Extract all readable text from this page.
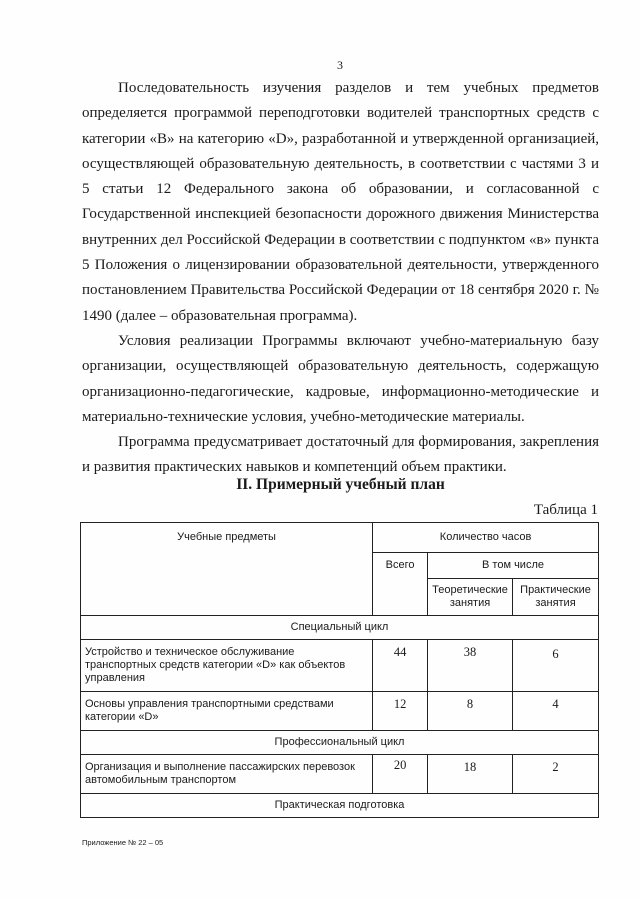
3

Последовательность изучения разделов и тем учебных предметов определяется программой переподготовки водителей транспортных средств с категории «B» на категорию «D», разработанной и утвержденной организацией, осуществляющей образовательную деятельность, в соответствии с частями 3 и 5 статьи 12 Федерального закона об образовании, и согласованной с Государственной инспекцией безопасности дорожного движения Министерства внутренних дел Российской Федерации в соответствии с подпунктом «в» пункта 5 Положения о лицензировании образовательной деятельности, утвержденного постановлением Правительства Российской Федерации от 18 сентября 2020 г. № 1490 (далее – образовательная программа).

Условия реализации Программы включают учебно-материальную базу организации, осуществляющей образовательную деятельность, содержащую организационно-педагогические, кадровые, информационно-методические и материально-технические условия, учебно-методические материалы.

Программа предусматривает достаточный для формирования, закрепления и развития практических навыков и компетенций объем практики.

II. Примерный учебный план
Таблица 1
Учебные предметы	Количество часов		
	Всего	В том числе	
		Теоретические занятия	Практические занятия
Специальный цикл			
Устройство и техническое обслуживание транспортных средств категории «D» как объектов управления	44	38	6
Основы управления транспортными средствами категории «D»	12	8	4
Профессиональный цикл			
Организация и выполнение пассажирских перевозок автомобильным транспортом	20	18	2
Практическая подготовка			
Приложение № 22 – 05
